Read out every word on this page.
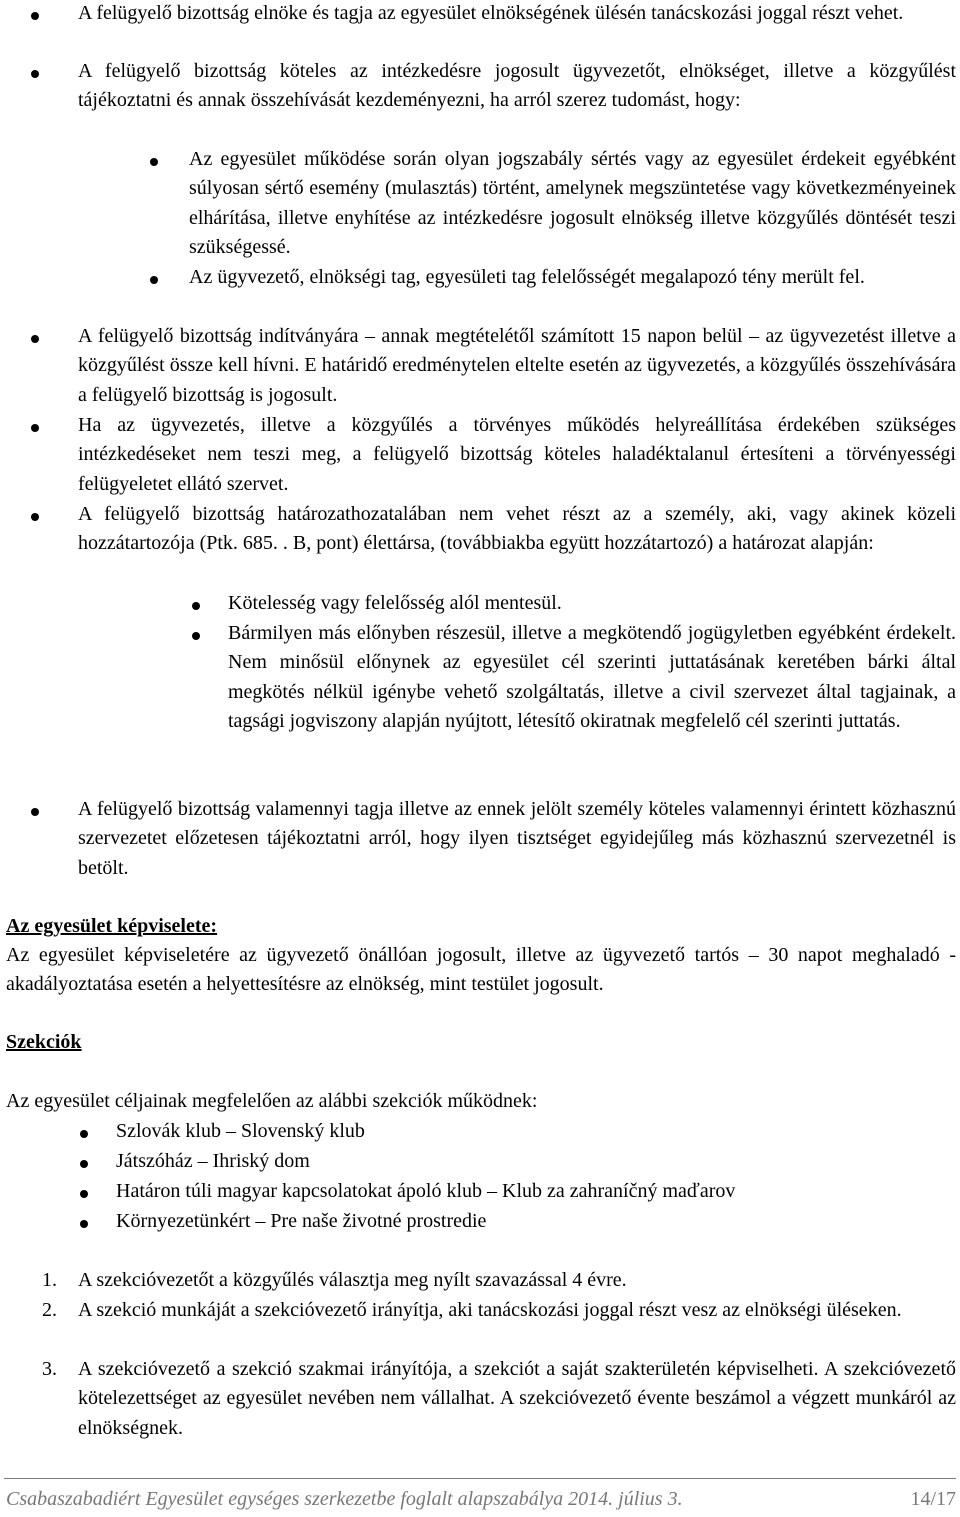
A felügyelő bizottság elnöke és tagja az egyesület elnökségének ülésén tanácskozási joggal részt vehet.

A felügyelő bizottság köteles az intézkedésre jogosult ügyvezetőt, elnökséget, illetve a közgyűlést tájékoztatni és annak összehívását kezdeményezni, ha arról szerez tudomást, hogy:

Az egyesület működése során olyan jogszabály sértés vagy az egyesület érdekeit egyébként súlyosan sértő esemény (mulasztás) történt, amelynek megszüntetése vagy következményeinek elhárítása, illetve enyhítése az intézkedésre jogosult elnökség illetve közgyűlés döntését teszi szükségessé.

Az ügyvezető, elnökségi tag, egyesületi tag felelősségét megalapozó tény merült fel.

A felügyelő bizottság indítványára – annak megtételétől számított 15 napon belül – az ügyvezetést illetve a közgyűlést össze kell hívni. E határidő eredménytelen eltelte esetén az ügyvezetés, a közgyűlés összehívására a felügyelő bizottság is jogosult.

Ha az ügyvezetés, illetve a közgyűlés a törvényes működés helyreállítása érdekében szükséges intézkedéseket nem teszi meg, a felügyelő bizottság köteles haladéktalanul értesíteni a törvényességi felügyeletet ellátó szervet.

A felügyelő bizottság határozathozatalában nem vehet részt az a személy, aki, vagy akinek közeli hozzátartozója (Ptk. 685. . B, pont) élettársa, (továbbiakba együtt hozzátartozó) a határozat alapján:

Kötelesség vagy felelősség alól mentesül.

Bármilyen más előnyben részesül, illetve a megkötendő jogügyletben egyébként érdekelt. Nem minősül előnynek az egyesület cél szerinti juttatásának keretében bárki által megkötés nélkül igénybe vehető szolgáltatás, illetve a civil szervezet által tagjainak, a tagsági jogviszony alapján nyújtott, létesítő okiratnak megfelelő cél szerinti juttatás.

A felügyelő bizottság valamennyi tagja illetve az ennek jelölt személy köteles valamennyi érintett közhasznú szervezetet előzetesen tájékoztatni arról, hogy ilyen tisztséget egyidejűleg más közhasznú szervezetnél is betölt.

Az egyesület képviselete:

Az egyesület képviseletére az ügyvezető önállóan jogosult, illetve az ügyvezető tartós – 30 napot meghaladó - akadályoztatása esetén a helyettesítésre az elnökség, mint testület jogosult.

Szekciók

Az egyesület céljainak megfelelően az alábbi szekciók működnek:

Szlovák klub – Slovenský klub

Játszóház – Ihriský dom

Határon túli magyar kapcsolatokat ápoló klub – Klub za zahraníčný maďarov

Környezetünkért – Pre naše životné prostredie

1. A szekcióvezetőt a közgyűlés választja meg nyílt szavazással 4 évre.

2. A szekció munkáját a szekcióvezető irányítja, aki tanácskozási joggal részt vesz az elnökségi üléseken.

3. A szekcióvezető a szekció szakmai irányítója, a szekciót a saját szakterületén képviselheti. A szekcióvezető kötelezettséget az egyesület nevében nem vállalhat. A szekcióvezető évente beszámol a végzett munkáról az elnökségnek.

Csabaszabadiért Egyesület egységes szerkezetbe foglalt alapszabálya 2014. július 3.	14/17
